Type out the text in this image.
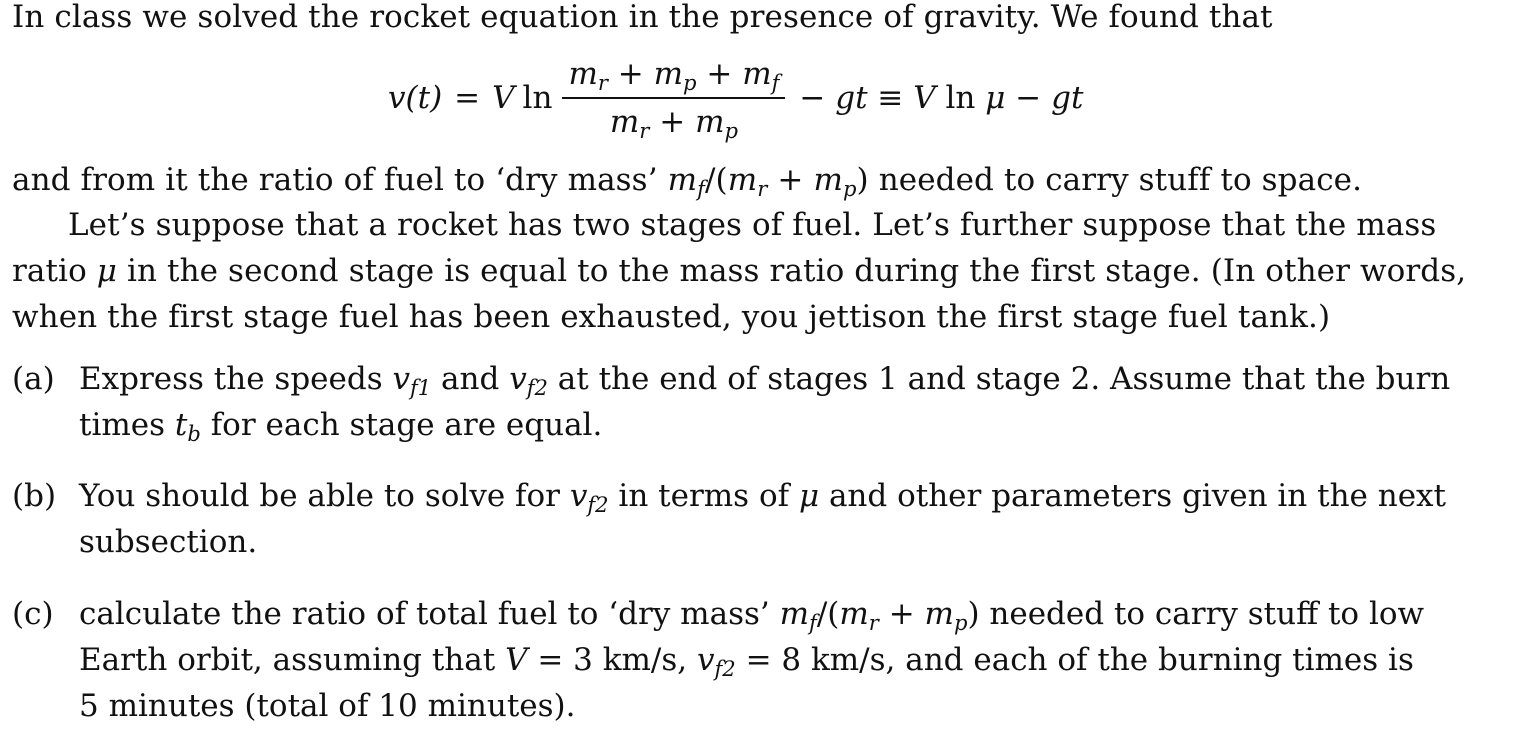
In class we solved the rocket equation in the presence of gravity. We found that
v(t) = V $\ln \frac{m_r + m_p + m_f}{m_r + m_p}$ − gt ≡ V ln μ − gt
and from it the ratio of fuel to ‘dry mass’ $m_f/(m_r + m_p)$ needed to carry stuff to space.
Let’s suppose that a rocket has two stages of fuel. Let’s further suppose that the mass
ratio μ in the second stage is equal to the mass ratio during the first stage. (In other words,
when the first stage fuel has been exhausted, you jettison the first stage fuel tank.)
(a) Express the speeds $v_{f1}$ and $v_{f2}$ at the end of stages 1 and stage 2. Assume that the burn
times $t_b$ for each stage are equal.
(b) You should be able to solve for $v_{f2}$ in terms of μ and other parameters given in the next
subsection.
(c) calculate the ratio of total fuel to ‘dry mass’ $m_f/(m_r + m_p)$ needed to carry stuff to low
Earth orbit, assuming that V = 3 km/s, $v_{f2} = 8$ km/s, and each of the burning times is
5 minutes (total of 10 minutes).
